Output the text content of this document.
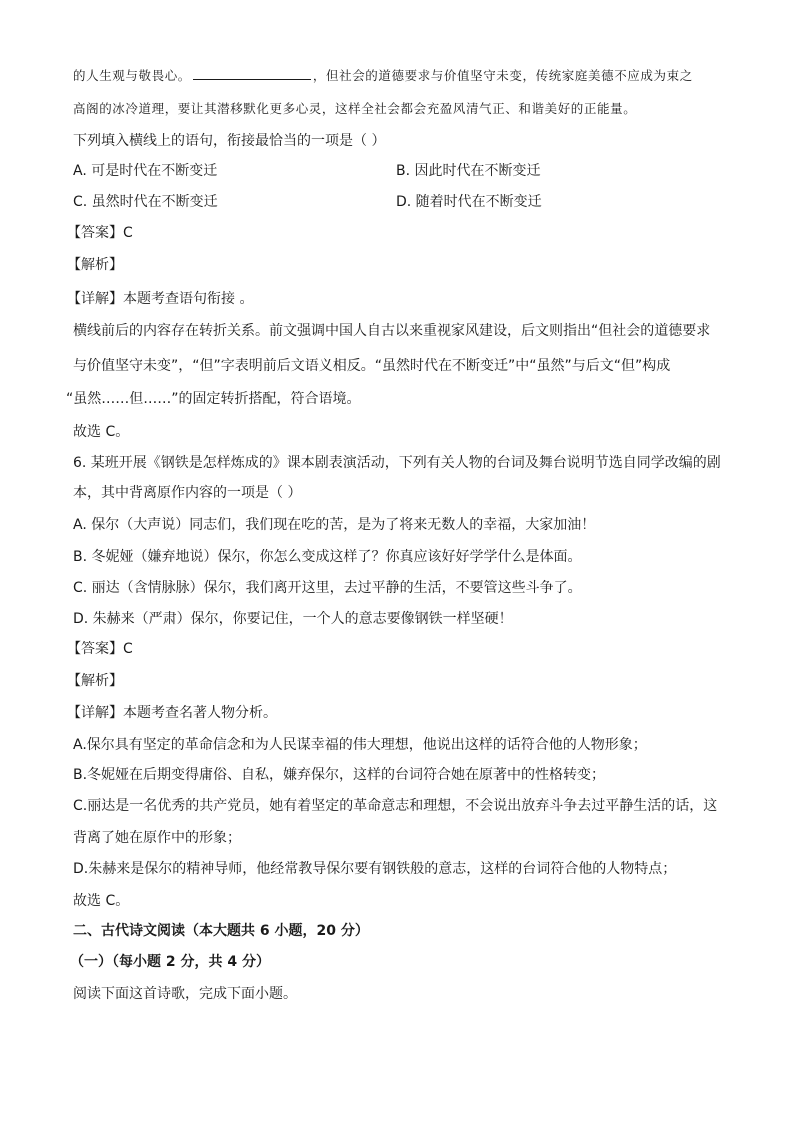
的人生观与敬畏心。	，但社会的道德要求与价值坚守未变，传统家庭美德不应成为束之
高阁的冰冷道理，要让其潜移默化更多心灵，这样全社会都会充盈风清气正、和谐美好的正能量。
下列填入横线上的语句，衔接最恰当的一项是（ ）
A. 可是时代在不断变迁	B. 因此时代在不断变迁
C. 虽然时代在不断变迁	D. 随着时代在不断变迁
【答案】C
【解析】
【详解】本题考查语句衔接 。
横线前后的内容存在转折关系。前文强调中国人自古以来重视家风建设，后文则指出“但社会的道德要求
与价值坚守未变”，“但”字表明前后文语义相反。“虽然时代在不断变迁”中“虽然”与后文“但”构成
“虽然……但……”的固定转折搭配，符合语境。
故选 C。
6. 某班开展《钢铁是怎样炼成的》课本剧表演活动，下列有关人物的台词及舞台说明节选自同学改编的剧
本，其中背离原作内容的一项是（ ）
A. 保尔（大声说）同志们，我们现在吃的苦，是为了将来无数人的幸福，大家加油！
B. 冬妮娅（嫌弃地说）保尔，你怎么变成这样了？你真应该好好学学什么是体面。
C. 丽达（含情脉脉）保尔，我们离开这里，去过平静的生活，不要管这些斗争了。
D. 朱赫来（严肃）保尔，你要记住，一个人的意志要像钢铁一样坚硬！
【答案】C
【解析】
【详解】本题考查名著人物分析。
A.保尔具有坚定的革命信念和为人民谋幸福的伟大理想，他说出这样的话符合他的人物形象；
B.冬妮娅在后期变得庸俗、自私，嫌弃保尔，这样的台词符合她在原著中的性格转变；
C.丽达是一名优秀的共产党员，她有着坚定的革命意志和理想，不会说出放弃斗争去过平静生活的话，这
背离了她在原作中的形象；
D.朱赫来是保尔的精神导师，他经常教导保尔要有钢铁般的意志，这样的台词符合他的人物特点；
故选 C。
二、古代诗文阅读（本大题共 6 小题，20 分）
（一）（每小题 2 分，共 4 分）
阅读下面这首诗歌，完成下面小题。
